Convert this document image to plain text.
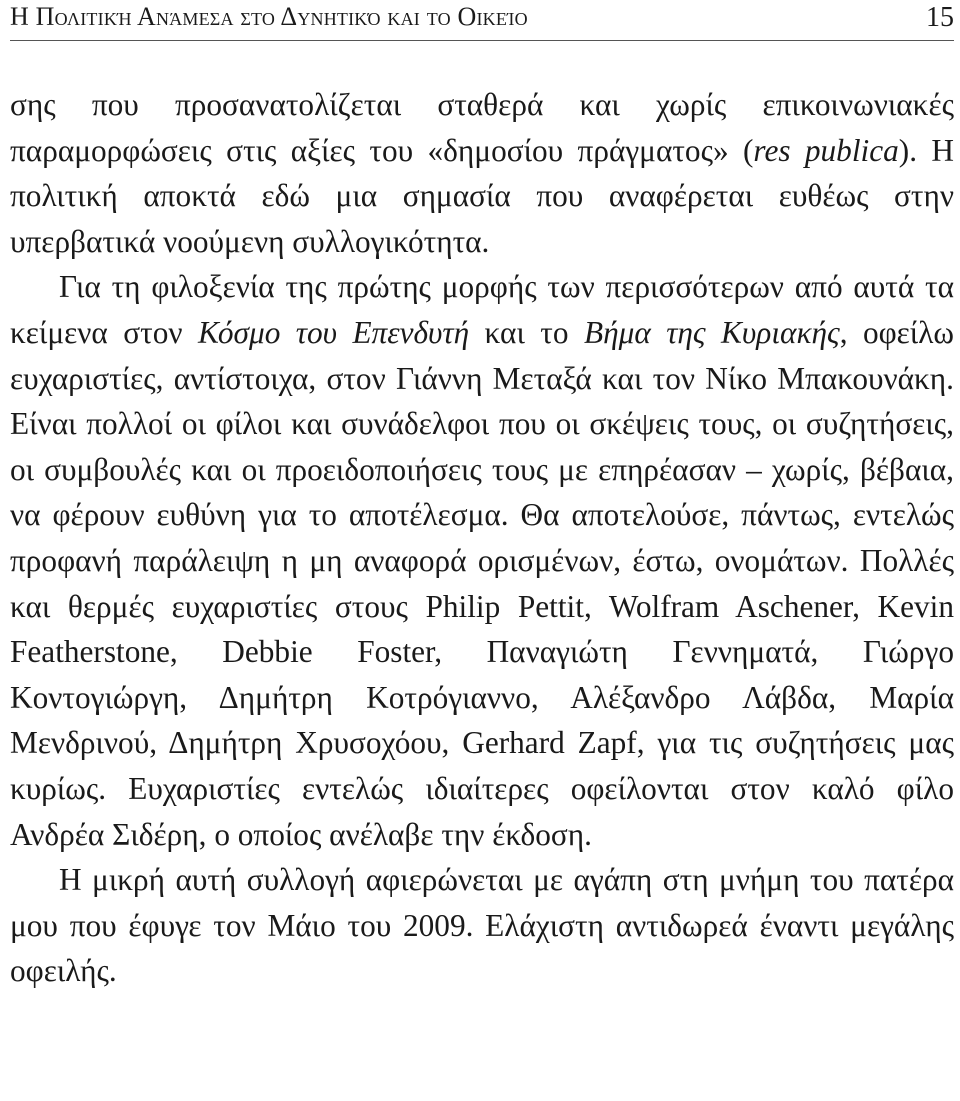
Η Πολιτική Ανάμεσα στο Δυνητικό και το Οικείο	15

σης που προσανατολίζεται σταθερά και χωρίς επικοινωνιακές παραμορφώσεις στις αξίες του «δημοσίου πράγματος» (res publica). Η πολιτική αποκτά εδώ μια σημασία που αναφέρεται ευθέως στην υπερβατικά νοούμενη συλλογικότητα.

Για τη φιλοξενία της πρώτης μορφής των περισσότερων από αυτά τα κείμενα στον Κόσμο του Επενδυτή και το Βήμα της Κυριακής, οφείλω ευχαριστίες, αντίστοιχα, στον Γιάννη Μεταξά και τον Νίκο Μπακουνάκη. Είναι πολλοί οι φίλοι και συνάδελφοι που οι σκέψεις τους, οι συζητήσεις, οι συμβουλές και οι προειδοποιήσεις τους με επηρέασαν – χωρίς, βέβαια, να φέρουν ευθύνη για το αποτέλεσμα. Θα αποτελούσε, πάντως, εντελώς προφανή παράλειψη η μη αναφορά ορισμένων, έστω, ονομάτων. Πολλές και θερμές ευχαριστίες στους Philip Pettit, Wolfram Aschener, Kevin Featherstone, Debbie Foster, Παναγιώτη Γεννηματά, Γιώργο Κοντογιώργη, Δημήτρη Κοτρόγιαννο, Αλέξανδρο Λάβδα, Μαρία Μενδρινού, Δημήτρη Χρυσοχόου, Gerhard Zapf, για τις συζητήσεις μας κυρίως. Ευχαριστίες εντελώς ιδιαίτερες οφείλονται στον καλό φίλο Ανδρέα Σιδέρη, ο οποίος ανέλαβε την έκδοση.

Η μικρή αυτή συλλογή αφιερώνεται με αγάπη στη μνήμη του πατέρα μου που έφυγε τον Μάιο του 2009. Ελάχιστη αντιδωρεά έναντι μεγάλης οφειλής.
